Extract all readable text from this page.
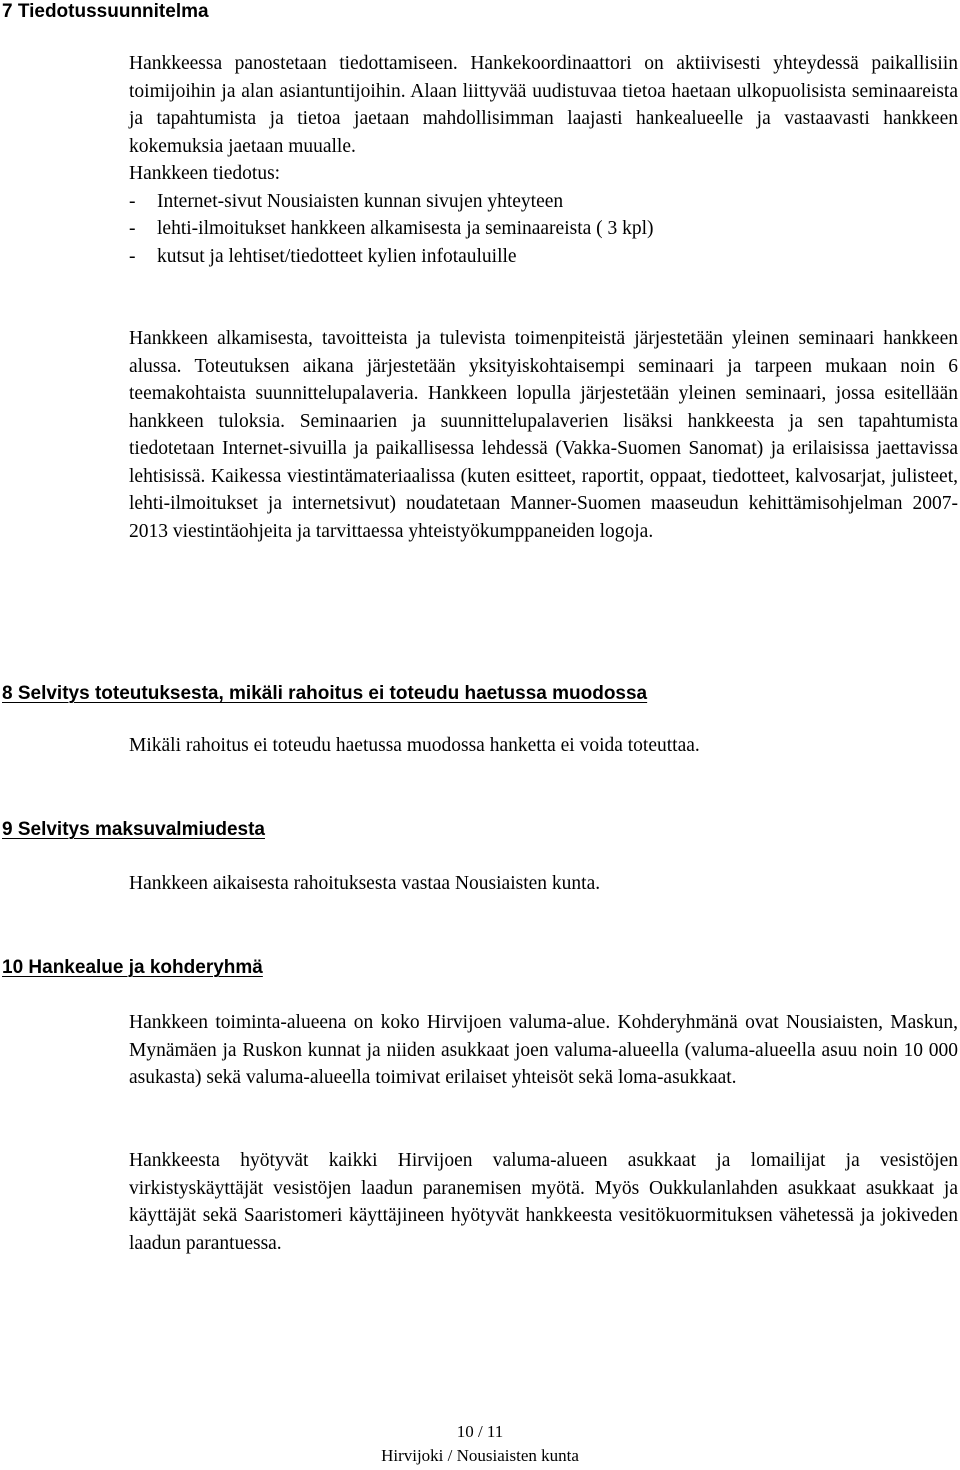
7 Tiedotussuunnitelma

Hankkeessa panostetaan tiedottamiseen. Hankekoordinaattori on aktiivisesti yhteydessä paikallisiin toimijoihin ja alan asiantuntijoihin. Alaan liittyvää uudistuvaa tietoa haetaan ulkopuolisista seminaareista ja tapahtumista ja tietoa jaetaan mahdollisimman laajasti hankealueelle ja vastaavasti hankkeen kokemuksia jaetaan muualle.

Hankkeen tiedotus:

-	Internet-sivut Nousiaisten kunnan sivujen yhteyteen
-	lehti-ilmoitukset hankkeen alkamisesta ja seminaareista ( 3 kpl)
-	kutsut ja lehtiset/tiedotteet kylien infotauluille

Hankkeen alkamisesta, tavoitteista ja tulevista toimenpiteistä järjestetään yleinen seminaari hankkeen alussa. Toteutuksen aikana järjestetään yksityiskohtaisempi seminaari ja tarpeen mukaan noin 6 teemakohtaista suunnittelupalaveria. Hankkeen lopulla järjestetään yleinen seminaari, jossa esitellään hankkeen tuloksia. Seminaarien ja suunnittelupalaverien lisäksi hankkeesta ja sen tapahtumista tiedotetaan Internet-sivuilla ja paikallisessa lehdessä (Vakka-Suomen Sanomat) ja erilaisissa jaettavissa lehtisissä. Kaikessa viestintämateriaalissa (kuten esitteet, raportit, oppaat, tiedotteet, kalvosarjat, julisteet, lehti-ilmoitukset ja internetsivut) noudatetaan Manner-Suomen maaseudun kehittämisohjelman 2007- 2013 viestintäohjeita ja tarvittaessa yhteistyökumppaneiden logoja.

8 Selvitys toteutuksesta, mikäli rahoitus ei toteudu haetussa muodossa

Mikäli rahoitus ei toteudu haetussa muodossa hanketta ei voida toteuttaa.

9 Selvitys maksuvalmiudesta

Hankkeen aikaisesta rahoituksesta vastaa Nousiaisten kunta.

10 Hankealue ja kohderyhmä

Hankkeen toiminta-alueena on koko Hirvijoen valuma-alue. Kohderyhmänä ovat Nousiaisten, Maskun, Mynämäen ja Ruskon kunnat ja niiden asukkaat joen valuma-alueella (valuma-alueella asuu noin 10 000 asukasta) sekä valuma-alueella toimivat erilaiset yhteisöt sekä loma-asukkaat.

Hankkeesta hyötyvät kaikki Hirvijoen valuma-alueen asukkaat ja lomailijat ja vesistöjen virkistyskäyttäjät vesistöjen laadun paranemisen myötä. Myös Oukkulanlahden asukkaat asukkaat ja käyttäjät sekä Saaristomeri käyttäjineen hyötyvät hankkeesta vesitökuormituksen vähetessä ja jokiveden laadun parantuessa.

10 / 11
Hirvijoki / Nousiaisten kunta
